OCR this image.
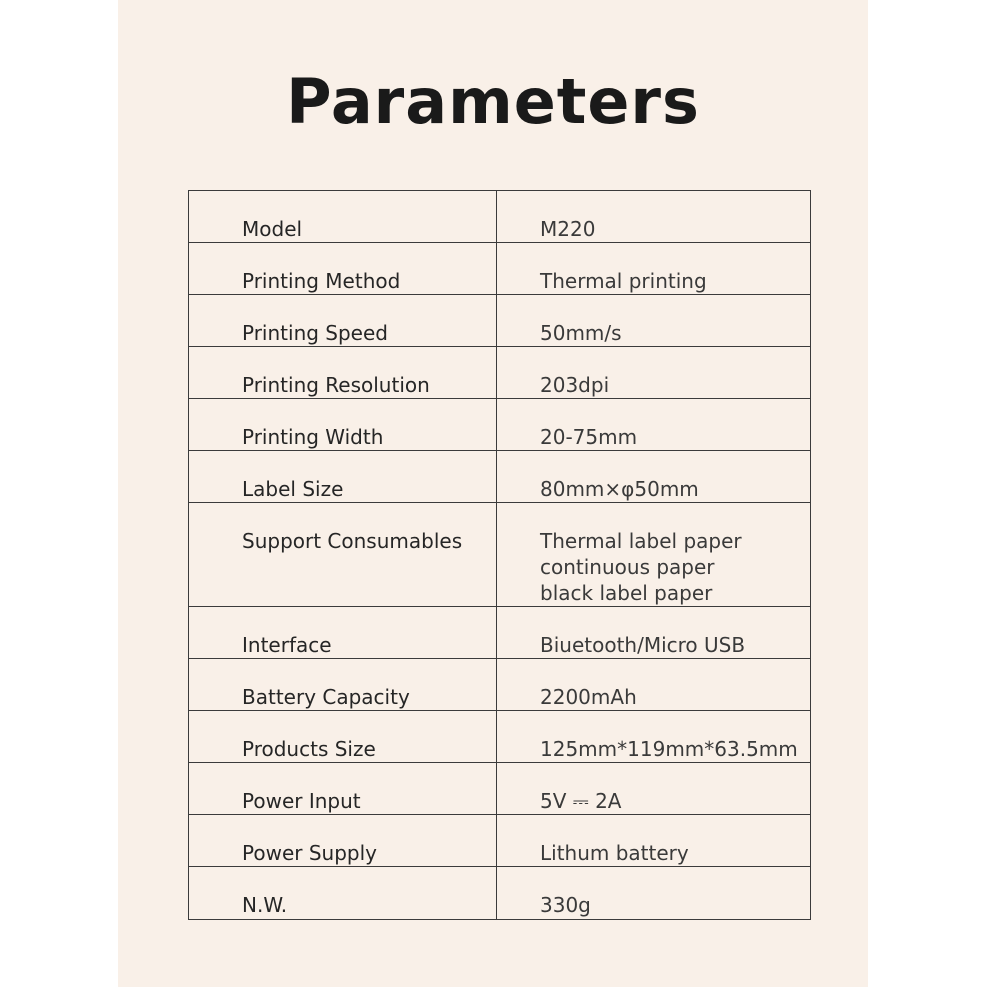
Parameters
Model	M220

Printing Method	Thermal printing

Printing Speed	50mm/s

Printing Resolution	203dpi

Printing Width	20-75mm

Label Size	80mm×φ50mm

Support Consumables	Thermal label paper
continuous paper
black label paper

Interface	Biuetooth/Micro USB

Battery Capacity	2200mAh

Products Size	125mm*119mm*63.5mm

Power Input	5V ⎓ 2A

Power Supply	Lithum battery

N.W.	330g
